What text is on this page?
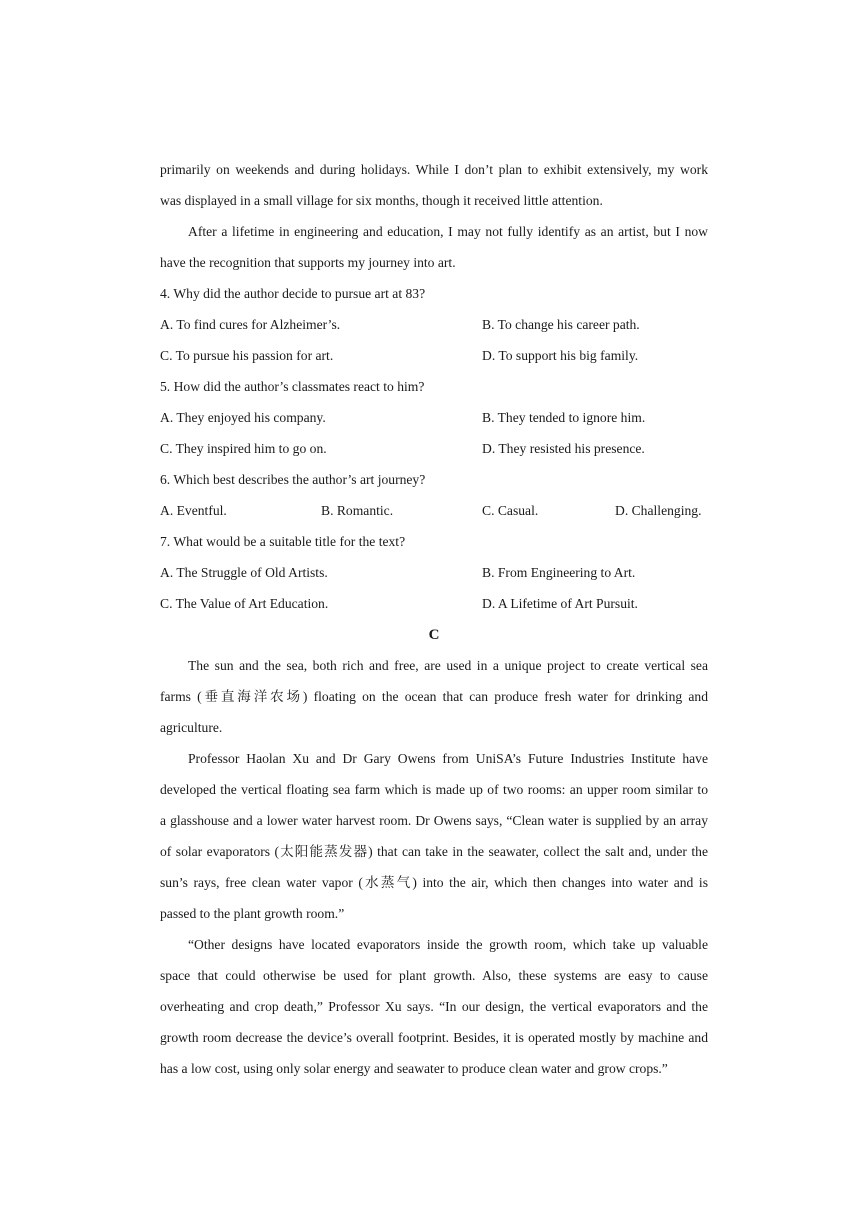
primarily on weekends and during holidays. While I don’t plan to exhibit extensively, my work
was displayed in a small village for six months, though it received little attention.
After a lifetime in engineering and education, I may not fully identify as an artist, but I now
have the recognition that supports my journey into art.
4. Why did the author decide to pursue art at 83?
A. To find cures for Alzheimer’s.	B. To change his career path.
C. To pursue his passion for art.	D. To support his big family.
5. How did the author’s classmates react to him?
A. They enjoyed his company.	B. They tended to ignore him.
C. They inspired him to go on.	D. They resisted his presence.
6. Which best describes the author’s art journey?
A. Eventful.	B. Romantic.	C. Casual.	D. Challenging.
7. What would be a suitable title for the text?
A. The Struggle of Old Artists.	B. From Engineering to Art.
C. The Value of Art Education.	D. A Lifetime of Art Pursuit.
C
The sun and the sea, both rich and free, are used in a unique project to create vertical sea
farms (垂直海洋农场) floating on the ocean that can produce fresh water for drinking and
agriculture.
Professor Haolan Xu and Dr Gary Owens from UniSA’s Future Industries Institute have
developed the vertical floating sea farm which is made up of two rooms: an upper room similar to
a glasshouse and a lower water harvest room. Dr Owens says, “Clean water is supplied by an array
of solar evaporators (太阳能蒸发器) that can take in the seawater, collect the salt and, under the
sun’s rays, free clean water vapor (水蒸气) into the air, which then changes into water and is
passed to the plant growth room.”
“Other designs have located evaporators inside the growth room, which take up valuable
space that could otherwise be used for plant growth. Also, these systems are easy to cause
overheating and crop death,” Professor Xu says. “In our design, the vertical evaporators and the
growth room decrease the device’s overall footprint. Besides, it is operated mostly by machine and
has a low cost, using only solar energy and seawater to produce clean water and grow crops.”
